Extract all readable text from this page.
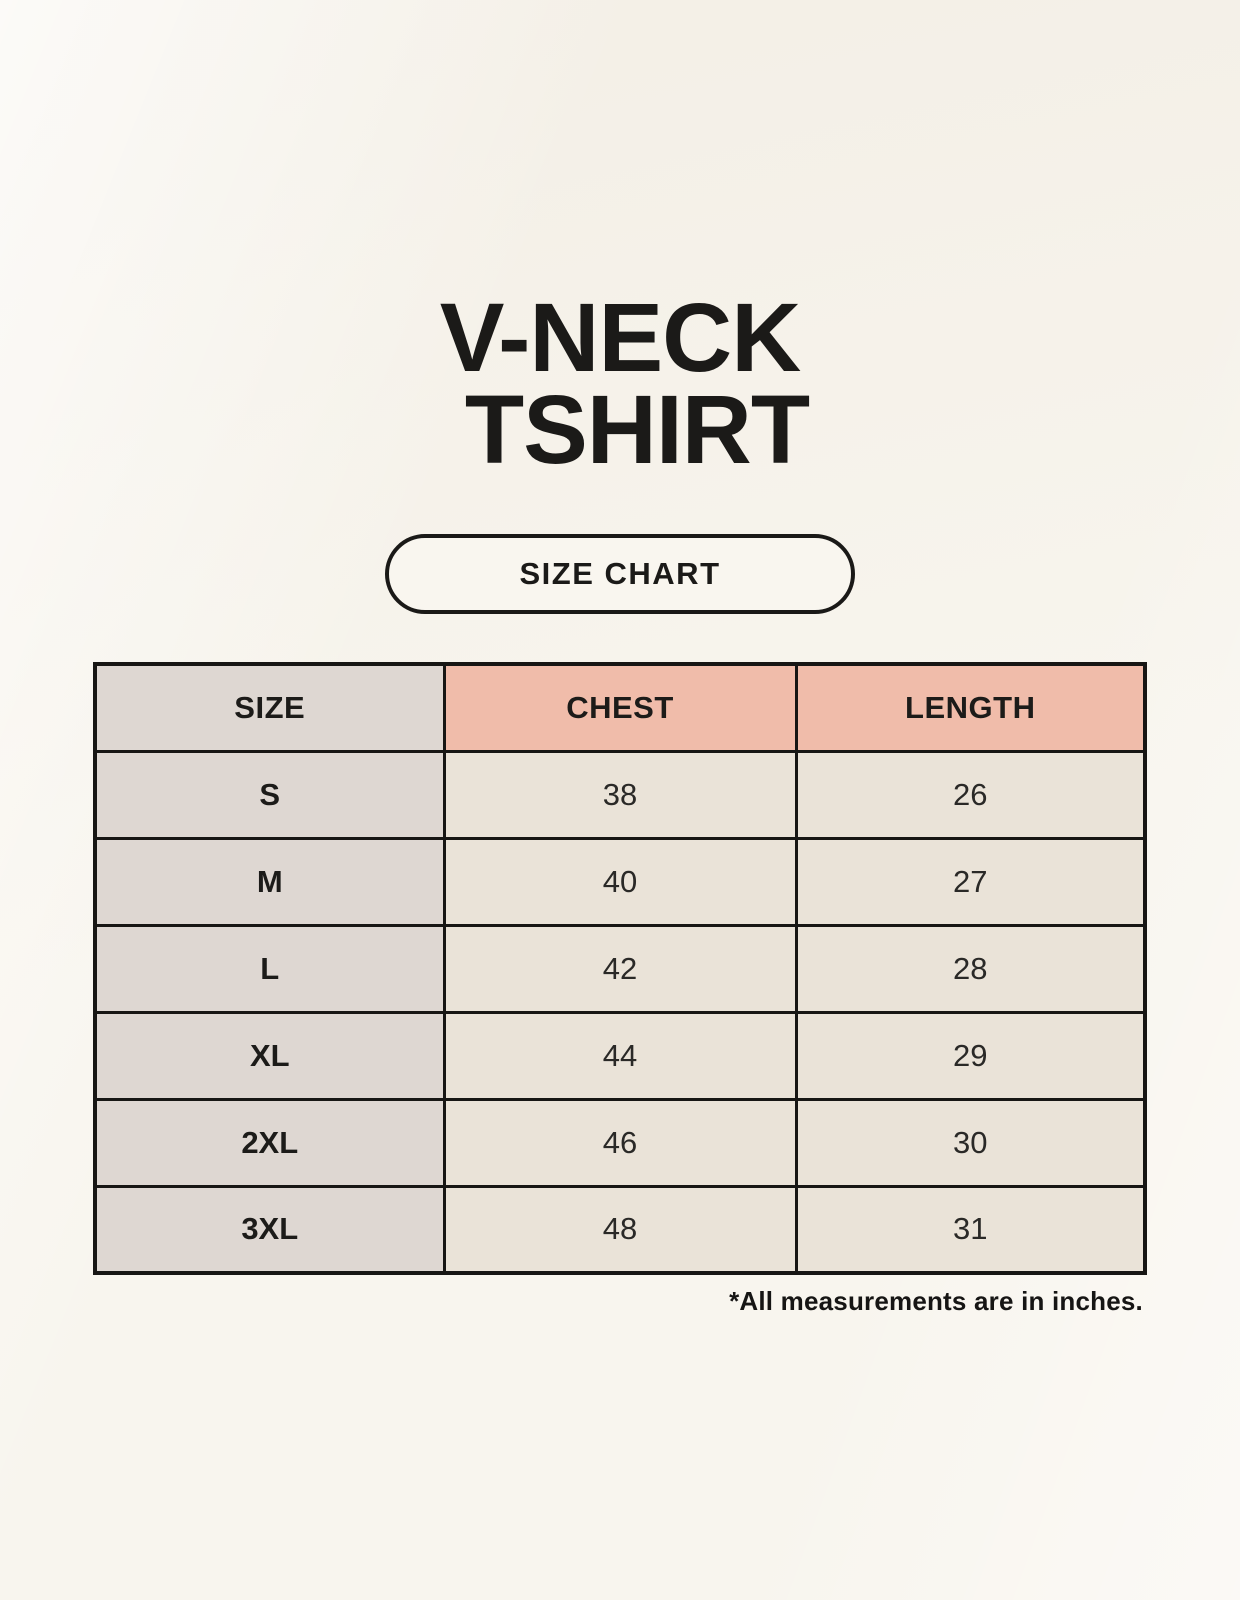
V-NECK
TSHIRT
SIZE CHART
SIZE	CHEST	LENGTH
S	38	26
M	40	27
L	42	28
XL	44	29
2XL	46	30
3XL	48	31
*All measurements are in inches.
